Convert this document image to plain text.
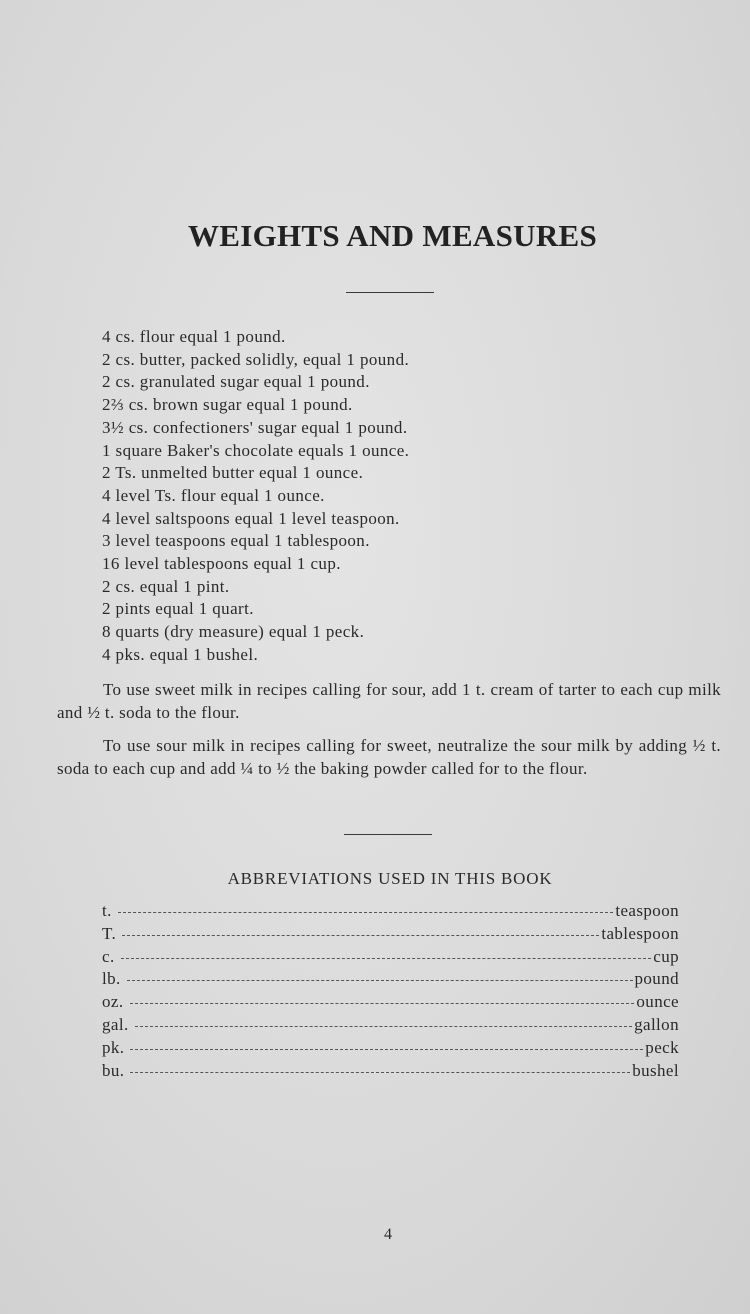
WEIGHTS AND MEASURES
4 cs. flour equal 1 pound.
2 cs. butter, packed solidly, equal 1 pound.
2 cs. granulated sugar equal 1 pound.
2⅔ cs. brown sugar equal 1 pound.
3½ cs. confectioners' sugar equal 1 pound.
1 square Baker's chocolate equals 1 ounce.
2 Ts. unmelted butter equal 1 ounce.
4 level Ts. flour equal 1 ounce.
4 level saltspoons equal 1 level teaspoon.
3 level teaspoons equal 1 tablespoon.
16 level tablespoons equal 1 cup.
2 cs. equal 1 pint.
2 pints equal 1 quart.
8 quarts (dry measure) equal 1 peck.
4 pks. equal 1 bushel.

To use sweet milk in recipes calling for sour, add 1 t. cream of tarter to each cup milk and ½ t. soda to the flour.

To use sour milk in recipes calling for sweet, neutralize the sour milk by adding ½ t. soda to each cup and add ¼ to ½ the baking powder called for to the flour.

ABBREVIATIONS USED IN THIS BOOK
t.	teaspoon
T.	tablespoon
c.	cup
lb.	pound
oz.	ounce
gal.	gallon
pk.	peck
bu.	bushel
4
